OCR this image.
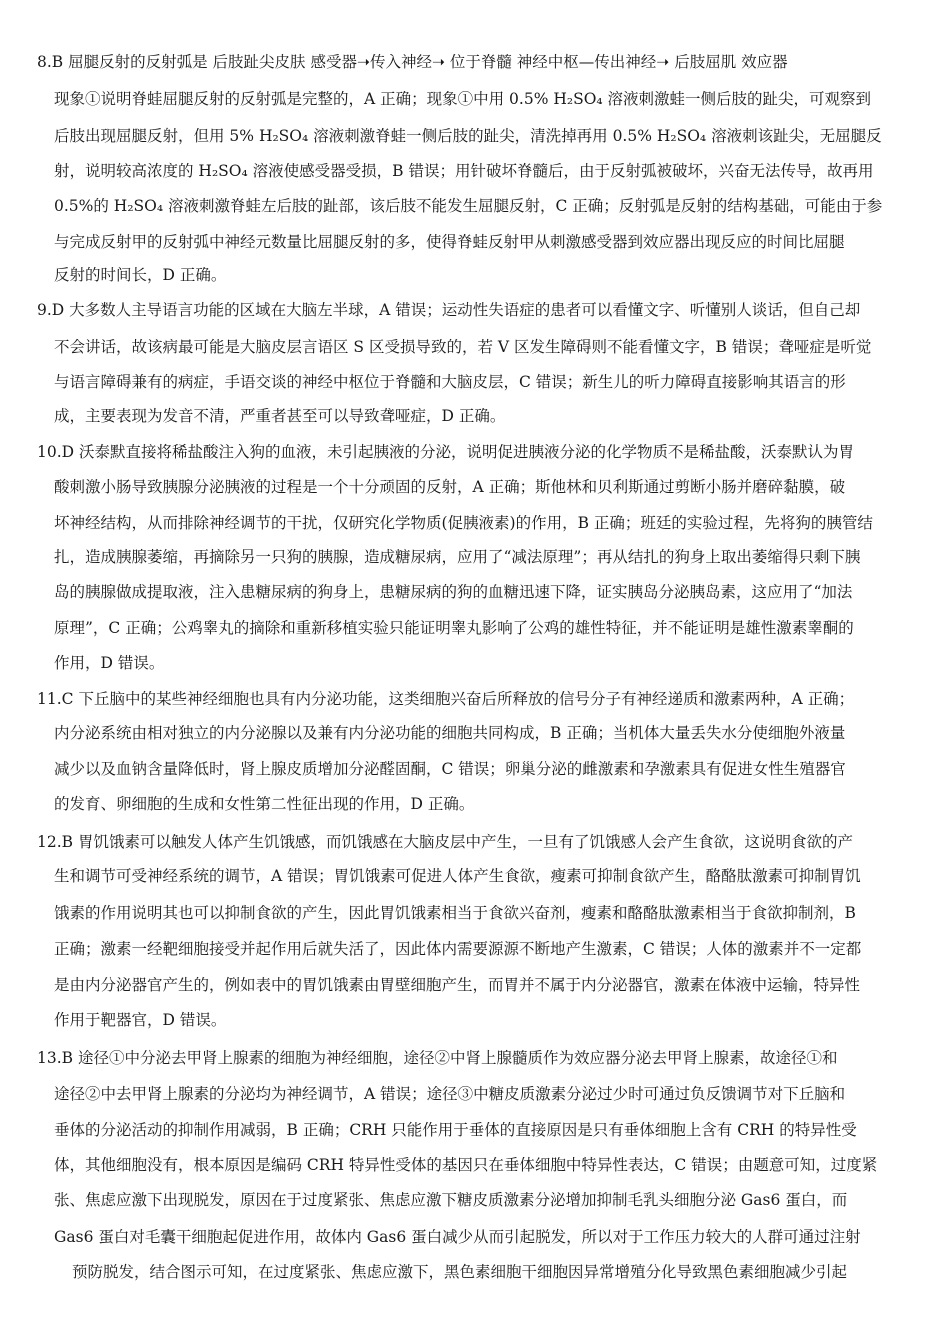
8.B 屈腿反射的反射弧是 后肢趾尖皮肤 感受器➝传入神经➝ 位于脊髓 神经中枢—传出神经➝ 后肢屈肌 效应器
现象①说明脊蛙屈腿反射的反射弧是完整的，A 正确；现象①中用 0.5% H₂SO₄ 溶液刺激蛙一侧后肢的趾尖，可观察到
后肢出现屈腿反射，但用 5% H₂SO₄ 溶液刺激脊蛙一侧后肢的趾尖，清洗掉再用 0.5% H₂SO₄ 溶液刺该趾尖，无屈腿反
射，说明较高浓度的 H₂SO₄ 溶液使感受器受损，B 错误；用针破坏脊髓后，由于反射弧被破坏，兴奋无法传导，故再用
0.5%的 H₂SO₄ 溶液刺激脊蛙左后肢的趾部，该后肢不能发生屈腿反射，C 正确；反射弧是反射的结构基础，可能由于参
与完成反射甲的反射弧中神经元数量比屈腿反射的多，使得脊蛙反射甲从刺激感受器到效应器出现反应的时间比屈腿
反射的时间长，D 正确。
9.D 大多数人主导语言功能的区域在大脑左半球，A 错误；运动性失语症的患者可以看懂文字、听懂别人谈话，但自己却
不会讲话，故该病最可能是大脑皮层言语区 S 区受损导致的，若 V 区发生障碍则不能看懂文字，B 错误；聋哑症是听觉
与语言障碍兼有的病症，手语交谈的神经中枢位于脊髓和大脑皮层，C 错误；新生儿的听力障碍直接影响其语言的形
成，主要表现为发音不清，严重者甚至可以导致聋哑症，D 正确。
10.D 沃泰默直接将稀盐酸注入狗的血液，未引起胰液的分泌，说明促进胰液分泌的化学物质不是稀盐酸，沃泰默认为胃
酸刺激小肠导致胰腺分泌胰液的过程是一个十分顽固的反射，A 正确；斯他林和贝利斯通过剪断小肠并磨碎黏膜，破
坏神经结构，从而排除神经调节的干扰，仅研究化学物质(促胰液素)的作用，B 正确；班廷的实验过程，先将狗的胰管结
扎，造成胰腺萎缩，再摘除另一只狗的胰腺，造成糖尿病，应用了“减法原理”；再从结扎的狗身上取出萎缩得只剩下胰
岛的胰腺做成提取液，注入患糖尿病的狗身上，患糖尿病的狗的血糖迅速下降，证实胰岛分泌胰岛素，这应用了“加法
原理”，C 正确；公鸡睾丸的摘除和重新移植实验只能证明睾丸影响了公鸡的雄性特征，并不能证明是雄性激素睾酮的
作用，D 错误。
11.C 下丘脑中的某些神经细胞也具有内分泌功能，这类细胞兴奋后所释放的信号分子有神经递质和激素两种，A 正确；
内分泌系统由相对独立的内分泌腺以及兼有内分泌功能的细胞共同构成，B 正确；当机体大量丢失水分使细胞外液量
减少以及血钠含量降低时，肾上腺皮质增加分泌醛固酮，C 错误；卵巢分泌的雌激素和孕激素具有促进女性生殖器官
的发育、卵细胞的生成和女性第二性征出现的作用，D 正确。
12.B 胃饥饿素可以触发人体产生饥饿感，而饥饿感在大脑皮层中产生，一旦有了饥饿感人会产生食欲，这说明食欲的产
生和调节可受神经系统的调节，A 错误；胃饥饿素可促进人体产生食欲，瘦素可抑制食欲产生，酪酪肽激素可抑制胃饥
饿素的作用说明其也可以抑制食欲的产生，因此胃饥饿素相当于食欲兴奋剂，瘦素和酪酪肽激素相当于食欲抑制剂，B
正确；激素一经靶细胞接受并起作用后就失活了，因此体内需要源源不断地产生激素，C 错误；人体的激素并不一定都
是由内分泌器官产生的，例如表中的胃饥饿素由胃壁细胞产生，而胃并不属于内分泌器官，激素在体液中运输，特异性
作用于靶器官，D 错误。
13.B 途径①中分泌去甲肾上腺素的细胞为神经细胞，途径②中肾上腺髓质作为效应器分泌去甲肾上腺素，故途径①和
途径②中去甲肾上腺素的分泌均为神经调节，A 错误；途径③中糖皮质激素分泌过少时可通过负反馈调节对下丘脑和
垂体的分泌活动的抑制作用减弱，B 正确；CRH 只能作用于垂体的直接原因是只有垂体细胞上含有 CRH 的特异性受
体，其他细胞没有，根本原因是编码 CRH 特异性受体的基因只在垂体细胞中特异性表达，C 错误；由题意可知，过度紧
张、焦虑应激下出现脱发，原因在于过度紧张、焦虑应激下糖皮质激素分泌增加抑制毛乳头细胞分泌 Gas6 蛋白，而
Gas6 蛋白对毛囊干细胞起促进作用，故体内 Gas6 蛋白减少从而引起脱发，所以对于工作压力较大的人群可通过注射
预防脱发，结合图示可知，在过度紧张、焦虑应激下，黑色素细胞干细胞因异常增殖分化导致黑色素细胞减少引起
